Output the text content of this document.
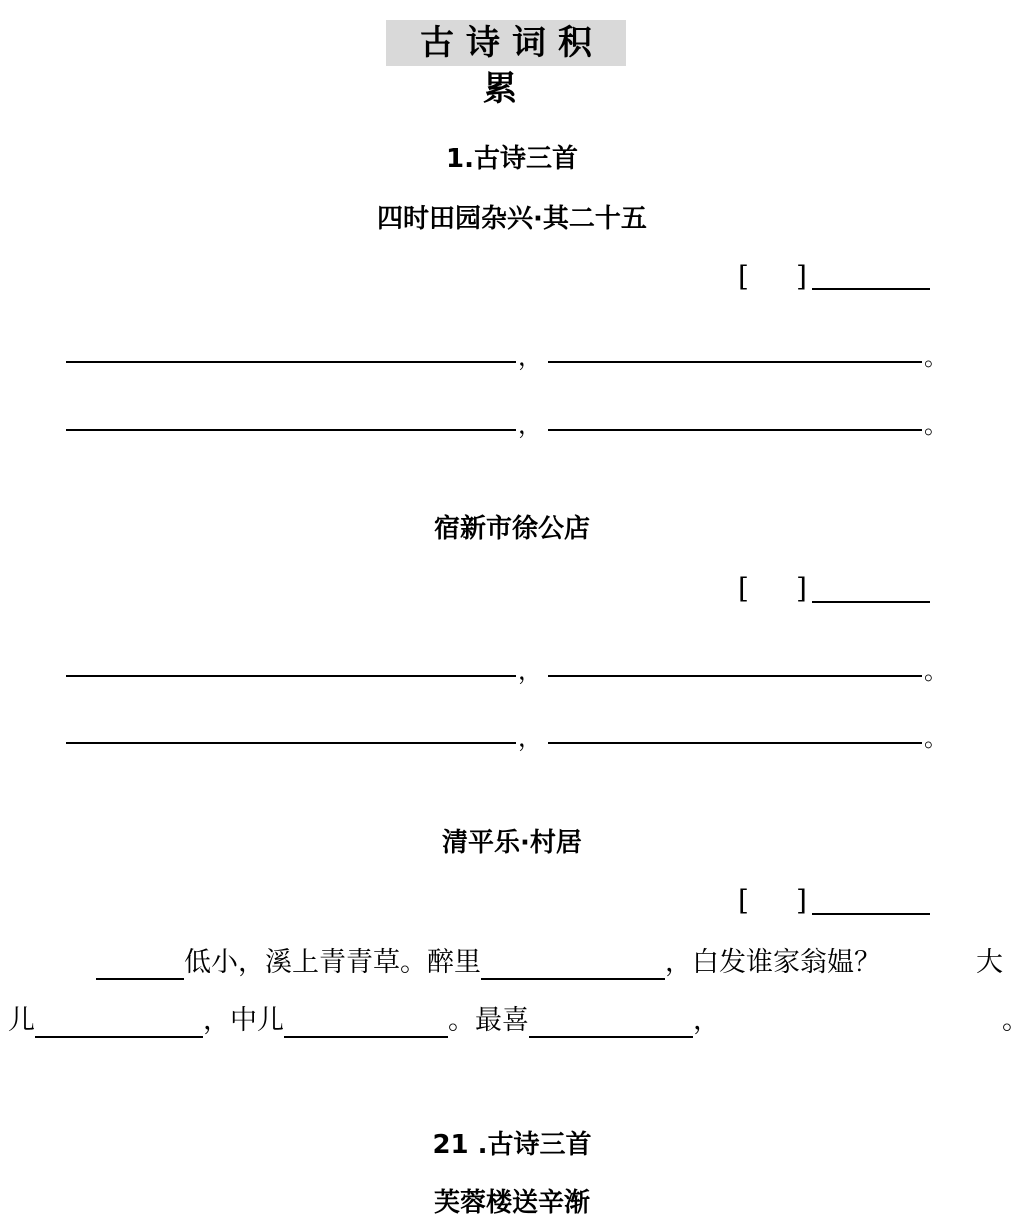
古诗词积累
1.古诗三首
四时田园杂兴·其二十五
[ ]
，	。
，	。
宿新市徐公店
[ ]
，	。
，	。
清平乐·村居
[ ]
低小，溪上青青草。醉里	，白发谁家翁媪？	大
儿	，中儿	。最喜	，	。
21 .古诗三首
芙蓉楼送辛渐
